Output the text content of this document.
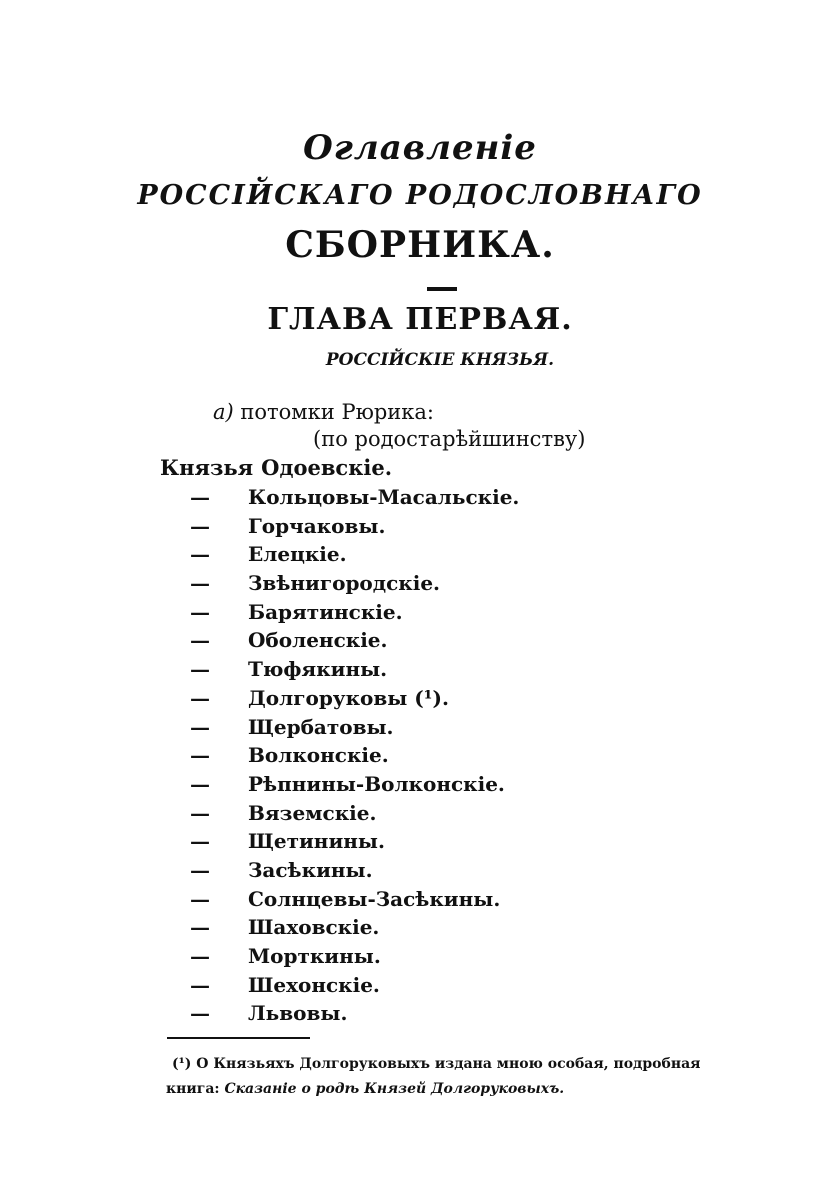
Оглавленіе
РОССІЙСКАГО РОДОСЛОВНАГО
СБОРНИКА.
ГЛАВА ПЕРВАЯ.
РОССІЙСКІЕ КНЯЗЬЯ.
а) потомки Рюрика:
(по родостарѣйшинству)
Князья Одоевскіе.
— Кольцовы-Масальскіе.
— Горчаковы.
— Елецкіе.
— Звѣнигородскіе.
— Барятинскіе.
— Оболенскіе.
— Тюфякины.
— Долгоруковы (¹).
— Щербатовы.
— Волконскіе.
— Рѣпнины-Волконскіе.
— Вяземскіе.
— Щетинины.
— Засѣкины.
— Солнцевы-Засѣкины.
— Шаховскіе.
— Морткины.
— Шехонскіе.
— Львовы.
(¹) О Князьяхъ Долгоруковыхъ издана мною особая, подробная
книга: Сказаніе о родѣ Князей Долгоруковыхъ.
